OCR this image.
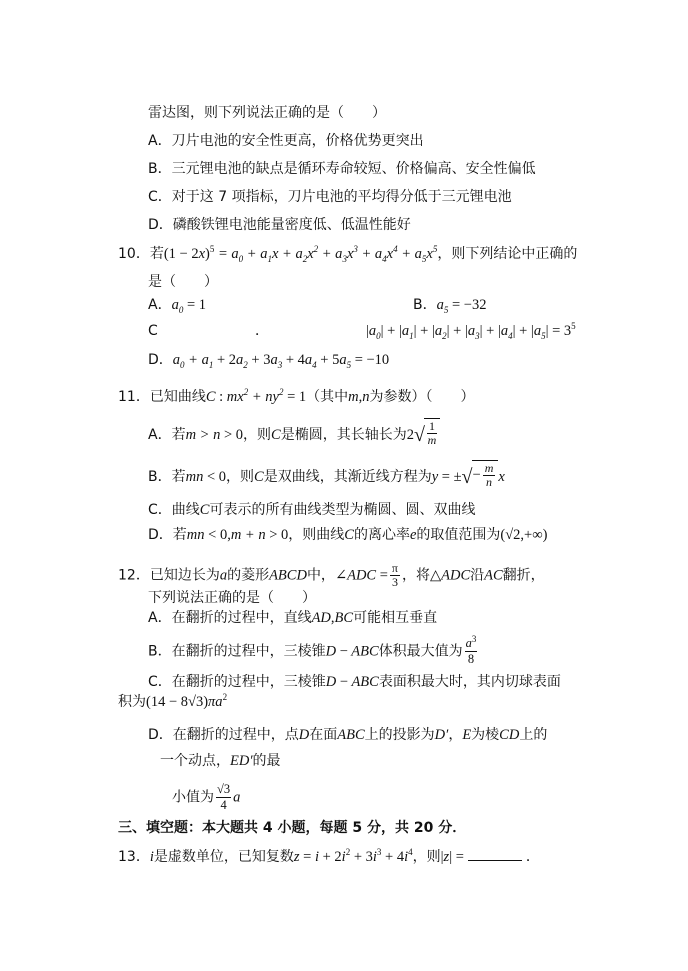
雷达图，则下列说法正确的是（　　）
A．刀片电池的安全性更高，价格优势更突出
B．三元锂电池的缺点是循环寿命较短、价格偏高、安全性偏低
C．对于这 7 项指标，刀片电池的平均得分低于三元锂电池
D．磷酸铁锂电池能量密度低、低温性能好
10．若$(1 - 2x)^5 = a_0 + a_1x + a_2x^2 + a_3x^3 + a_4x^4 + a_5x^5$，则下列结论中正确的
是（　　）
A．$a_0 = 1$	B．$a_5 = -32$
C	．	$|a_0| + |a_1| + |a_2| + |a_3| + |a_4| + |a_5| = 3^5$
D．$a_0 + a_1 + 2a_2 + 3a_3 + 4a_4 + 5a_5 = -10$
11．已知曲线C : $mx^2 + ny^2 = 1$（其中m,n为参数）（　　）
A．若m > n > 0，则C是椭圆，其长轴长为2 √ $\frac{1}{m}$
B．若mn < 0，则C是双曲线，其渐近线方程为y = ± √ − $\frac{m}{n}$ x
C．曲线C可表示的所有曲线类型为椭圆、圆、双曲线
D．若mn < 0,m + n > 0，则曲线C的离心率e的取值范围为(√2,+∞)
12．已知边长为a的菱形ABCD中，∠ADC = $\frac{\pi}{3}$ ，将△ADC沿AC翻折，
下列说法正确的是（　　）
A．在翻折的过程中，直线AD,BC可能相互垂直
B．在翻折的过程中，三棱锥D − ABC体积最大值为 $\frac{a^3}{8}$
C．在翻折的过程中，三棱锥D − ABC表面积最大时，其内切球表面
积为$(14 - 8√3)\pi a^2$
D．在翻折的过程中，点D在面ABC上的投影为D′，E为棱CD上的
一个动点，ED′的最
小值为 $\frac{√3}{4}$ a
三、填空题：本大题共 4 小题，每题 5 分，共 20 分．
13．i是虚数单位，已知复数$z = i + 2i^2 + 3i^3 + 4i^4$，则|z| =	．
